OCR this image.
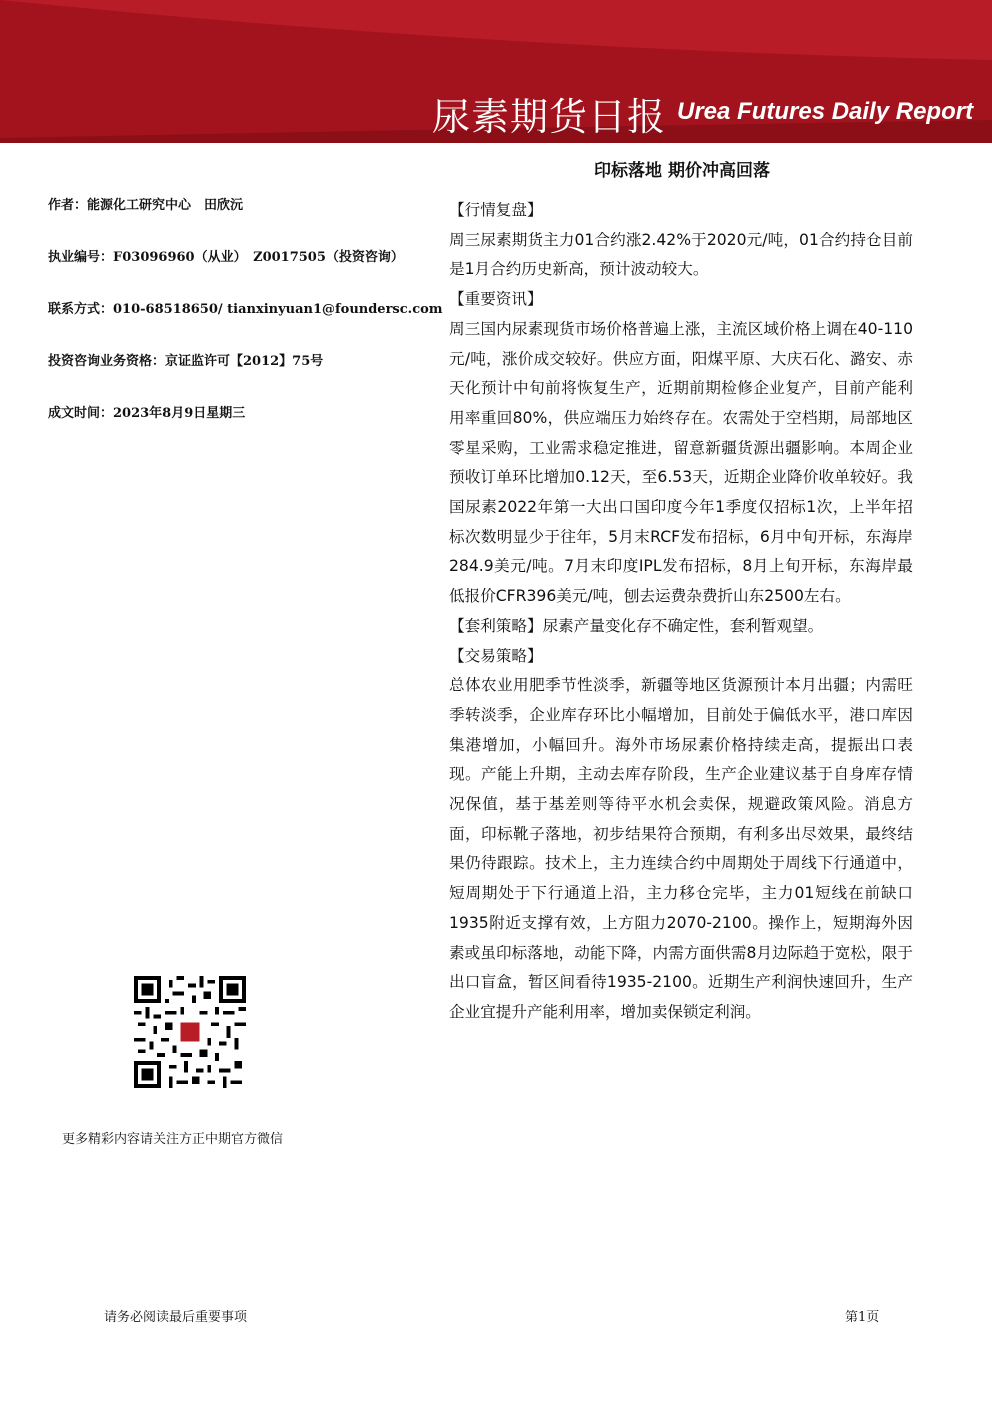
尿素期货日报 Urea Futures Daily Report
印标落地 期价冲高回落
作者：能源化工研究中心　田欣沅
执业编号：F03096960（从业）　Z0017505（投资咨询）
联系方式：010-68518650/ tianxinyuan1@foundersc.com
投资咨询业务资格：京证监许可【2012】75号
成文时间：2023年8月9日星期三
更多精彩内容请关注方正中期官方微信

【行情复盘】
周三尿素期货主力01合约涨2.42%于2020元/吨，01合约持仓目前是1月合约历史新高，预计波动较大。

【重要资讯】
周三国内尿素现货市场价格普遍上涨，主流区域价格上调在40-110元/吨，涨价成交较好。供应方面，阳煤平原、大庆石化、潞安、赤天化预计中旬前将恢复生产，近期前期检修企业复产，目前产能利用率重回80%，供应端压力始终存在。农需处于空档期，局部地区零星采购，工业需求稳定推进，留意新疆货源出疆影响。本周企业预收订单环比增加0.12天，至6.53天，近期企业降价收单较好。我国尿素2022年第一大出口国印度今年1季度仅招标1次，上半年招标次数明显少于往年，5月末RCF发布招标，6月中旬开标，东海岸284.9美元/吨。7月末印度IPL发布招标，8月上旬开标，东海岸最低报价CFR396美元/吨，刨去运费杂费折山东2500左右。

【套利策略】尿素产量变化存不确定性，套利暂观望。

【交易策略】
总体农业用肥季节性淡季，新疆等地区货源预计本月出疆；内需旺季转淡季，企业库存环比小幅增加，目前处于偏低水平，港口库因集港增加，小幅回升。海外市场尿素价格持续走高，提振出口表现。产能上升期，主动去库存阶段，生产企业建议基于自身库存情况保值，基于基差则等待平水机会卖保，规避政策风险。消息方面，印标靴子落地，初步结果符合预期，有利多出尽效果，最终结果仍待跟踪。技术上，主力连续合约中周期处于周线下行通道中，短周期处于下行通道上沿，主力移仓完毕，主力01短线在前缺口1935附近支撑有效，上方阻力2070-2100。操作上，短期海外因素或虽印标落地，动能下降，内需方面供需8月边际趋于宽松，限于出口盲盒，暂区间看待1935-2100。近期生产利润快速回升，生产企业宜提升产能利用率，增加卖保锁定利润。

请务必阅读最后重要事项	第1页
